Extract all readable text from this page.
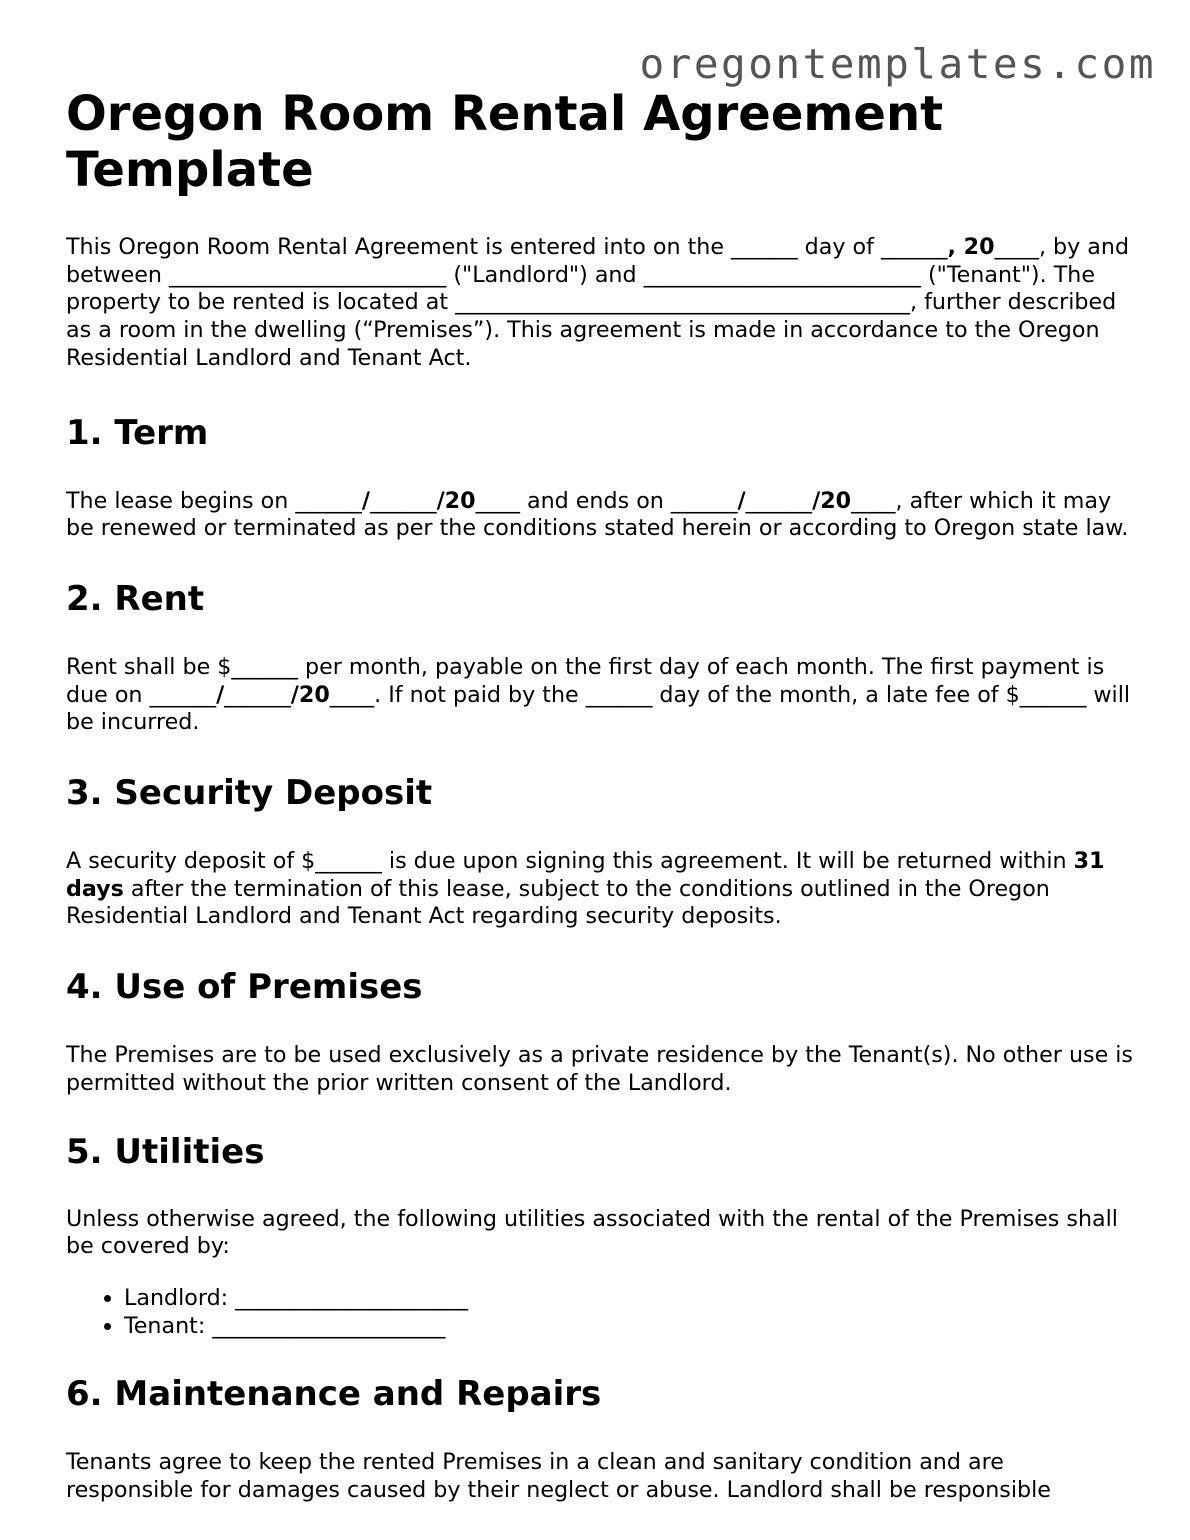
oregontemplates.com
Oregon Room Rental Agreement Template

This Oregon Room Rental Agreement is entered into on the ______ day of ______, 20____, by and between _________________________ ("Landlord") and _________________________ ("Tenant"). The property to be rented is located at _________________________________________, further described as a room in the dwelling (“Premises”). This agreement is made in accordance to the Oregon Residential Landlord and Tenant Act.

1. Term

The lease begins on ______/______/20____ and ends on ______/______/20____, after which it may be renewed or terminated as per the conditions stated herein or according to Oregon state law.

2. Rent

Rent shall be $______ per month, payable on the first day of each month. The first payment is due on ______/______/20____. If not paid by the ______ day of the month, a late fee of $______ will be incurred.

3. Security Deposit

A security deposit of $______ is due upon signing this agreement. It will be returned within 31 days after the termination of this lease, subject to the conditions outlined in the Oregon Residential Landlord and Tenant Act regarding security deposits.

4. Use of Premises

The Premises are to be used exclusively as a private residence by the Tenant(s). No other use is permitted without the prior written consent of the Landlord.

5. Utilities

Unless otherwise agreed, the following utilities associated with the rental of the Premises shall be covered by:

• Landlord: _____________________
• Tenant: _____________________
6. Maintenance and Repairs

Tenants agree to keep the rented Premises in a clean and sanitary condition and are responsible for damages caused by their neglect or abuse. Landlord shall be responsible
